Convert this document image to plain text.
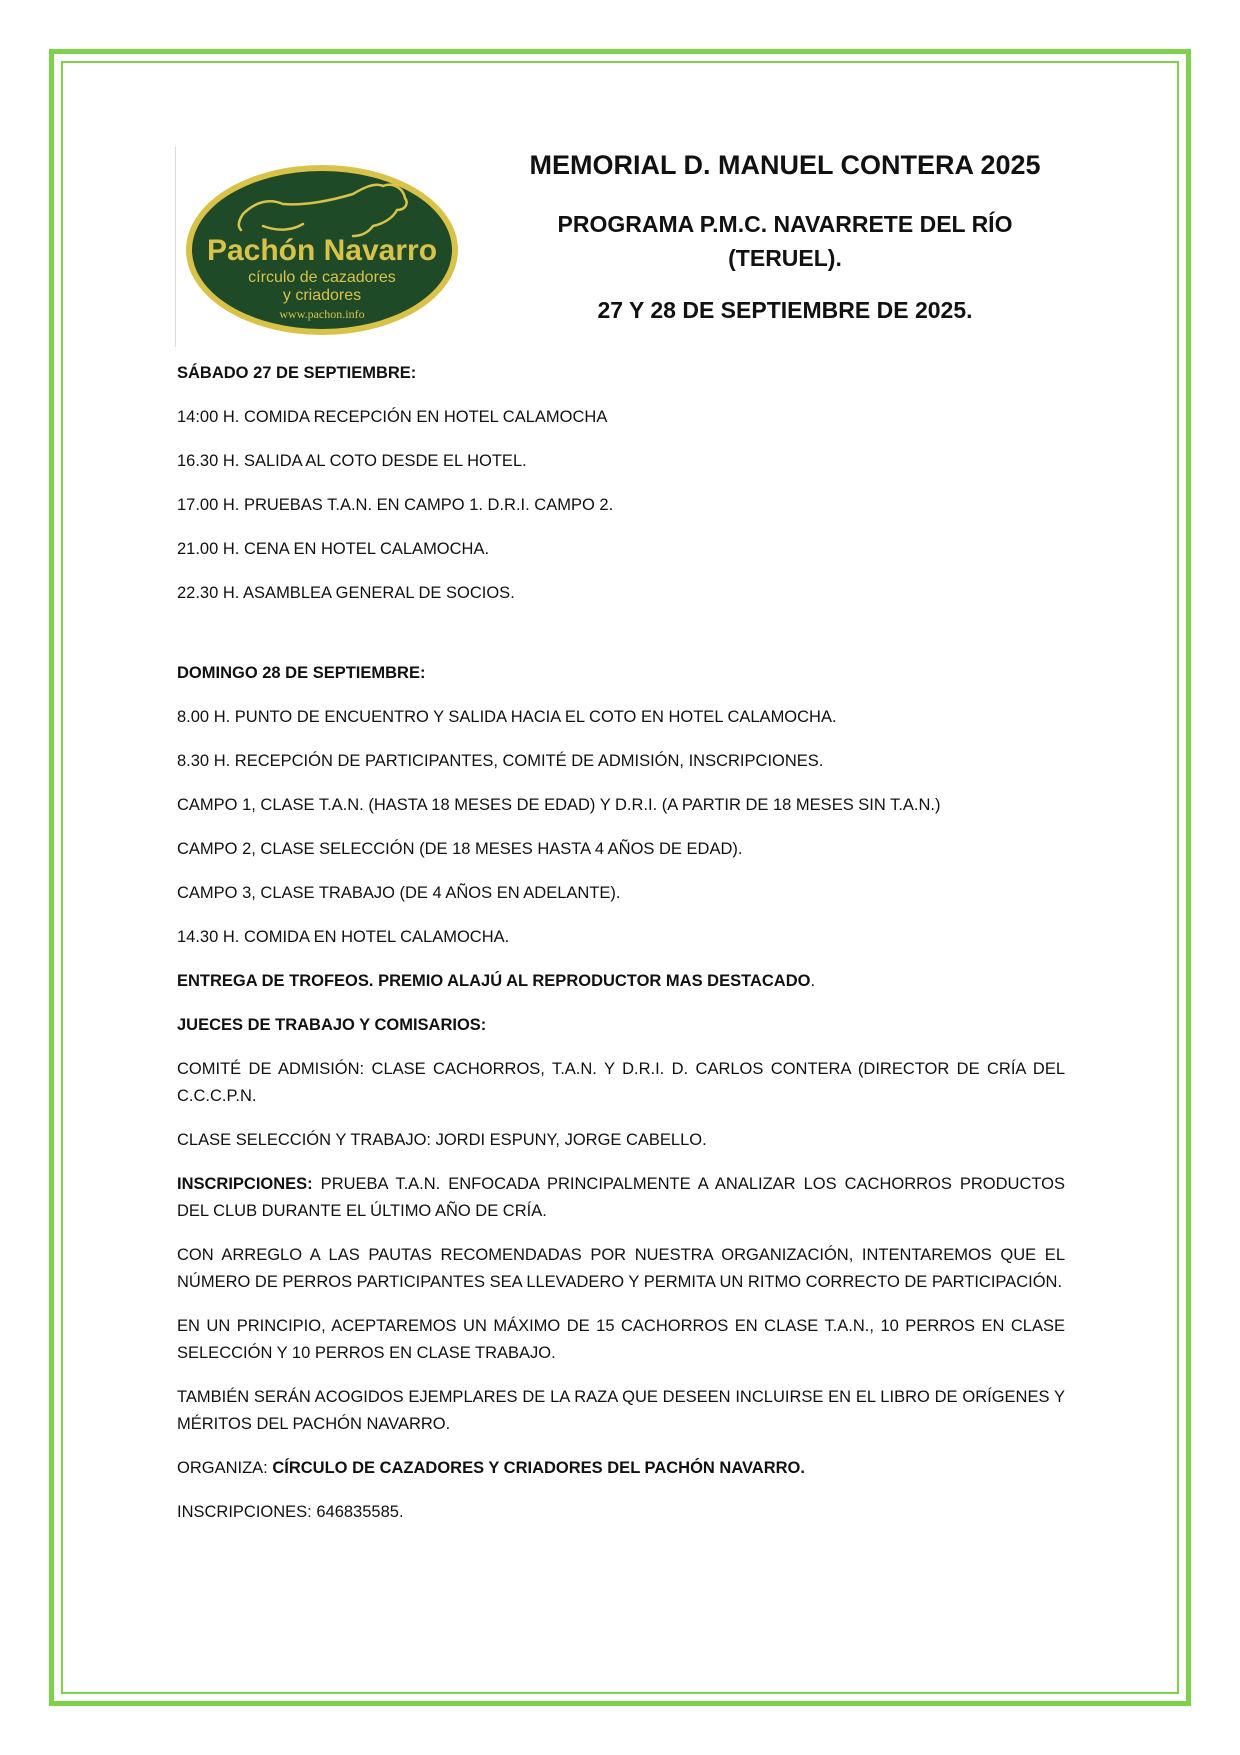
Pachón Navarro
círculo de cazadores
y criadores
www.pachon.info
MEMORIAL D. MANUEL CONTERA 2025
PROGRAMA P.M.C. NAVARRETE DEL RÍO
(TERUEL).
27 Y 28 DE SEPTIEMBRE DE 2025.

SÁBADO 27 DE SEPTIEMBRE:

14:00 H. COMIDA RECEPCIÓN EN HOTEL CALAMOCHA

16.30 H. SALIDA AL COTO DESDE EL HOTEL.

17.00 H. PRUEBAS T.A.N. EN CAMPO 1. D.R.I. CAMPO 2.

21.00 H. CENA EN HOTEL CALAMOCHA.

22.30 H. ASAMBLEA GENERAL DE SOCIOS.

DOMINGO 28 DE SEPTIEMBRE:

8.00 H. PUNTO DE ENCUENTRO Y SALIDA HACIA EL COTO EN HOTEL CALAMOCHA.

8.30 H. RECEPCIÓN DE PARTICIPANTES, COMITÉ DE ADMISIÓN, INSCRIPCIONES.

CAMPO 1, CLASE T.A.N. (HASTA 18 MESES DE EDAD) Y D.R.I. (A PARTIR DE 18 MESES SIN T.A.N.)

CAMPO 2, CLASE SELECCIÓN (DE 18 MESES HASTA 4 AÑOS DE EDAD).

CAMPO 3, CLASE TRABAJO (DE 4 AÑOS EN ADELANTE).

14.30 H. COMIDA EN HOTEL CALAMOCHA.

ENTREGA DE TROFEOS. PREMIO ALAJÚ AL REPRODUCTOR MAS DESTACADO.

JUECES DE TRABAJO Y COMISARIOS:

COMITÉ DE ADMISIÓN: CLASE CACHORROS, T.A.N. Y D.R.I. D. CARLOS CONTERA (DIRECTOR DE CRÍA DEL C.C.C.P.N.

CLASE SELECCIÓN Y TRABAJO: JORDI ESPUNY, JORGE CABELLO.

INSCRIPCIONES: PRUEBA T.A.N. ENFOCADA PRINCIPALMENTE A ANALIZAR LOS CACHORROS PRODUCTOS DEL CLUB DURANTE EL ÚLTIMO AÑO DE CRÍA.

CON ARREGLO A LAS PAUTAS RECOMENDADAS POR NUESTRA ORGANIZACIÓN, INTENTAREMOS QUE EL NÚMERO DE PERROS PARTICIPANTES SEA LLEVADERO Y PERMITA UN RITMO CORRECTO DE PARTICIPACIÓN.

EN UN PRINCIPIO, ACEPTAREMOS UN MÁXIMO DE 15 CACHORROS EN CLASE T.A.N., 10 PERROS EN CLASE SELECCIÓN Y 10 PERROS EN CLASE TRABAJO.

TAMBIÉN SERÁN ACOGIDOS EJEMPLARES DE LA RAZA QUE DESEEN INCLUIRSE EN EL LIBRO DE ORÍGENES Y MÉRITOS DEL PACHÓN NAVARRO.

ORGANIZA: CÍRCULO DE CAZADORES Y CRIADORES DEL PACHÓN NAVARRO.

INSCRIPCIONES: 646835585.
